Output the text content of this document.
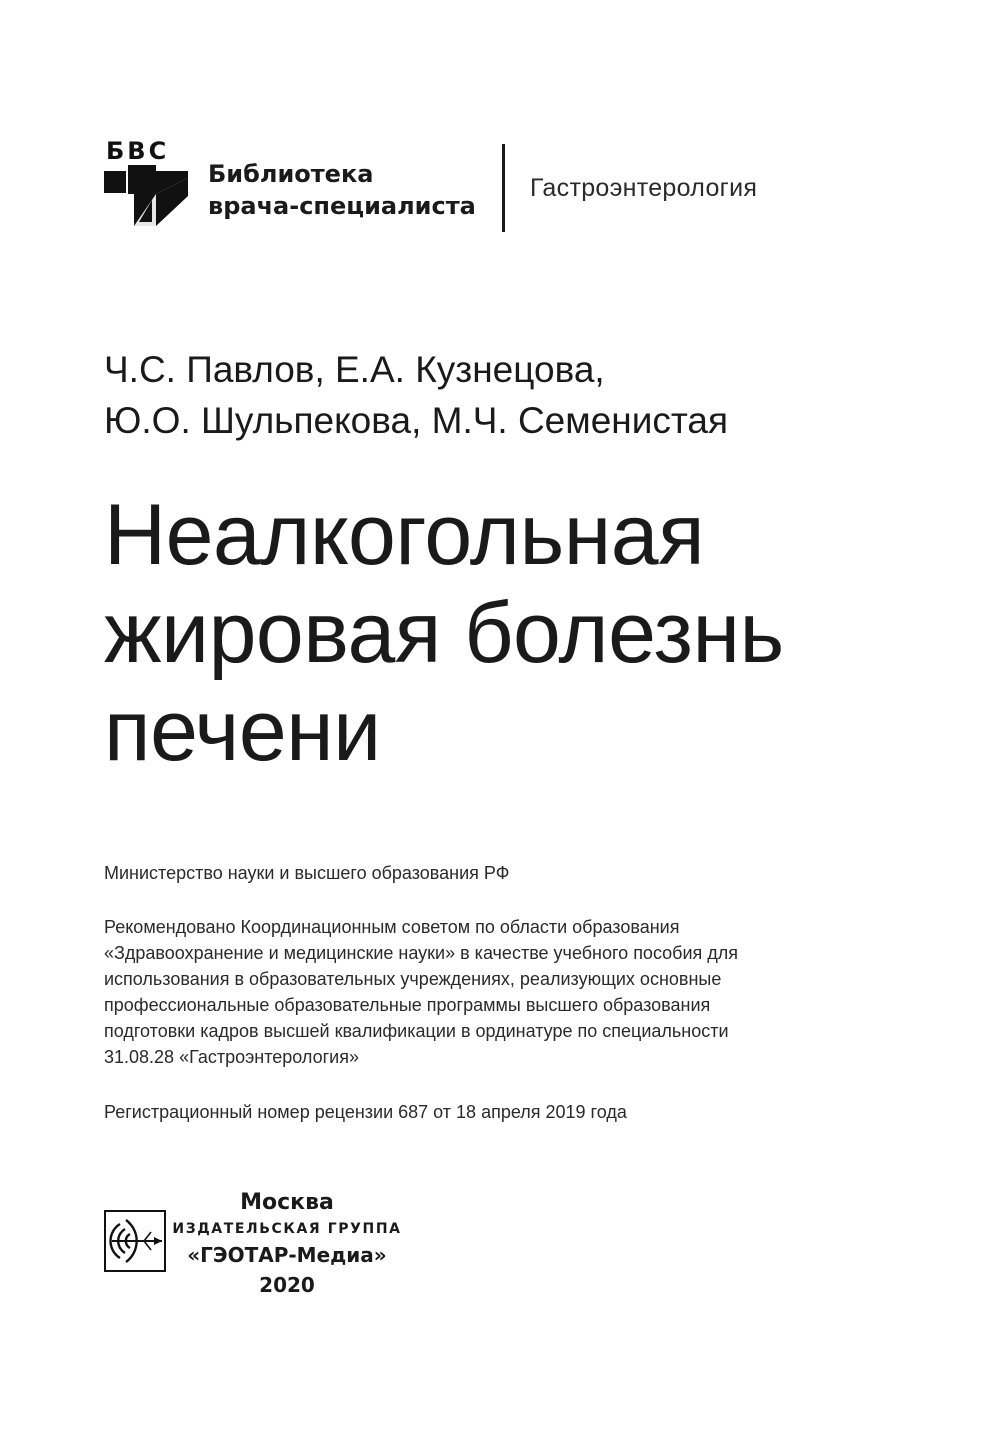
БВС
Библиотека
врача-специалиста
Гастроэнтерология
Ч.С. Павлов, Е.А. Кузнецова,
Ю.О. Шульпекова, М.Ч. Семенистая
Неалкогольная
жировая болезнь
печени
Министерство науки и высшего образования РФ
Рекомендовано Координационным советом по области образования
«Здравоохранение и медицинские науки» в качестве учебного пособия для
использования в образовательных учреждениях, реализующих основные
профессиональные образовательные программы высшего образования
подготовки кадров высшей квалификации в ординатуре по специальности
31.08.28 «Гастроэнтерология»
Регистрационный номер рецензии 687 от 18 апреля 2019 года
Москва
ИЗДАТЕЛЬСКАЯ ГРУППА
«ГЭОТАР-Медиа»
2020
